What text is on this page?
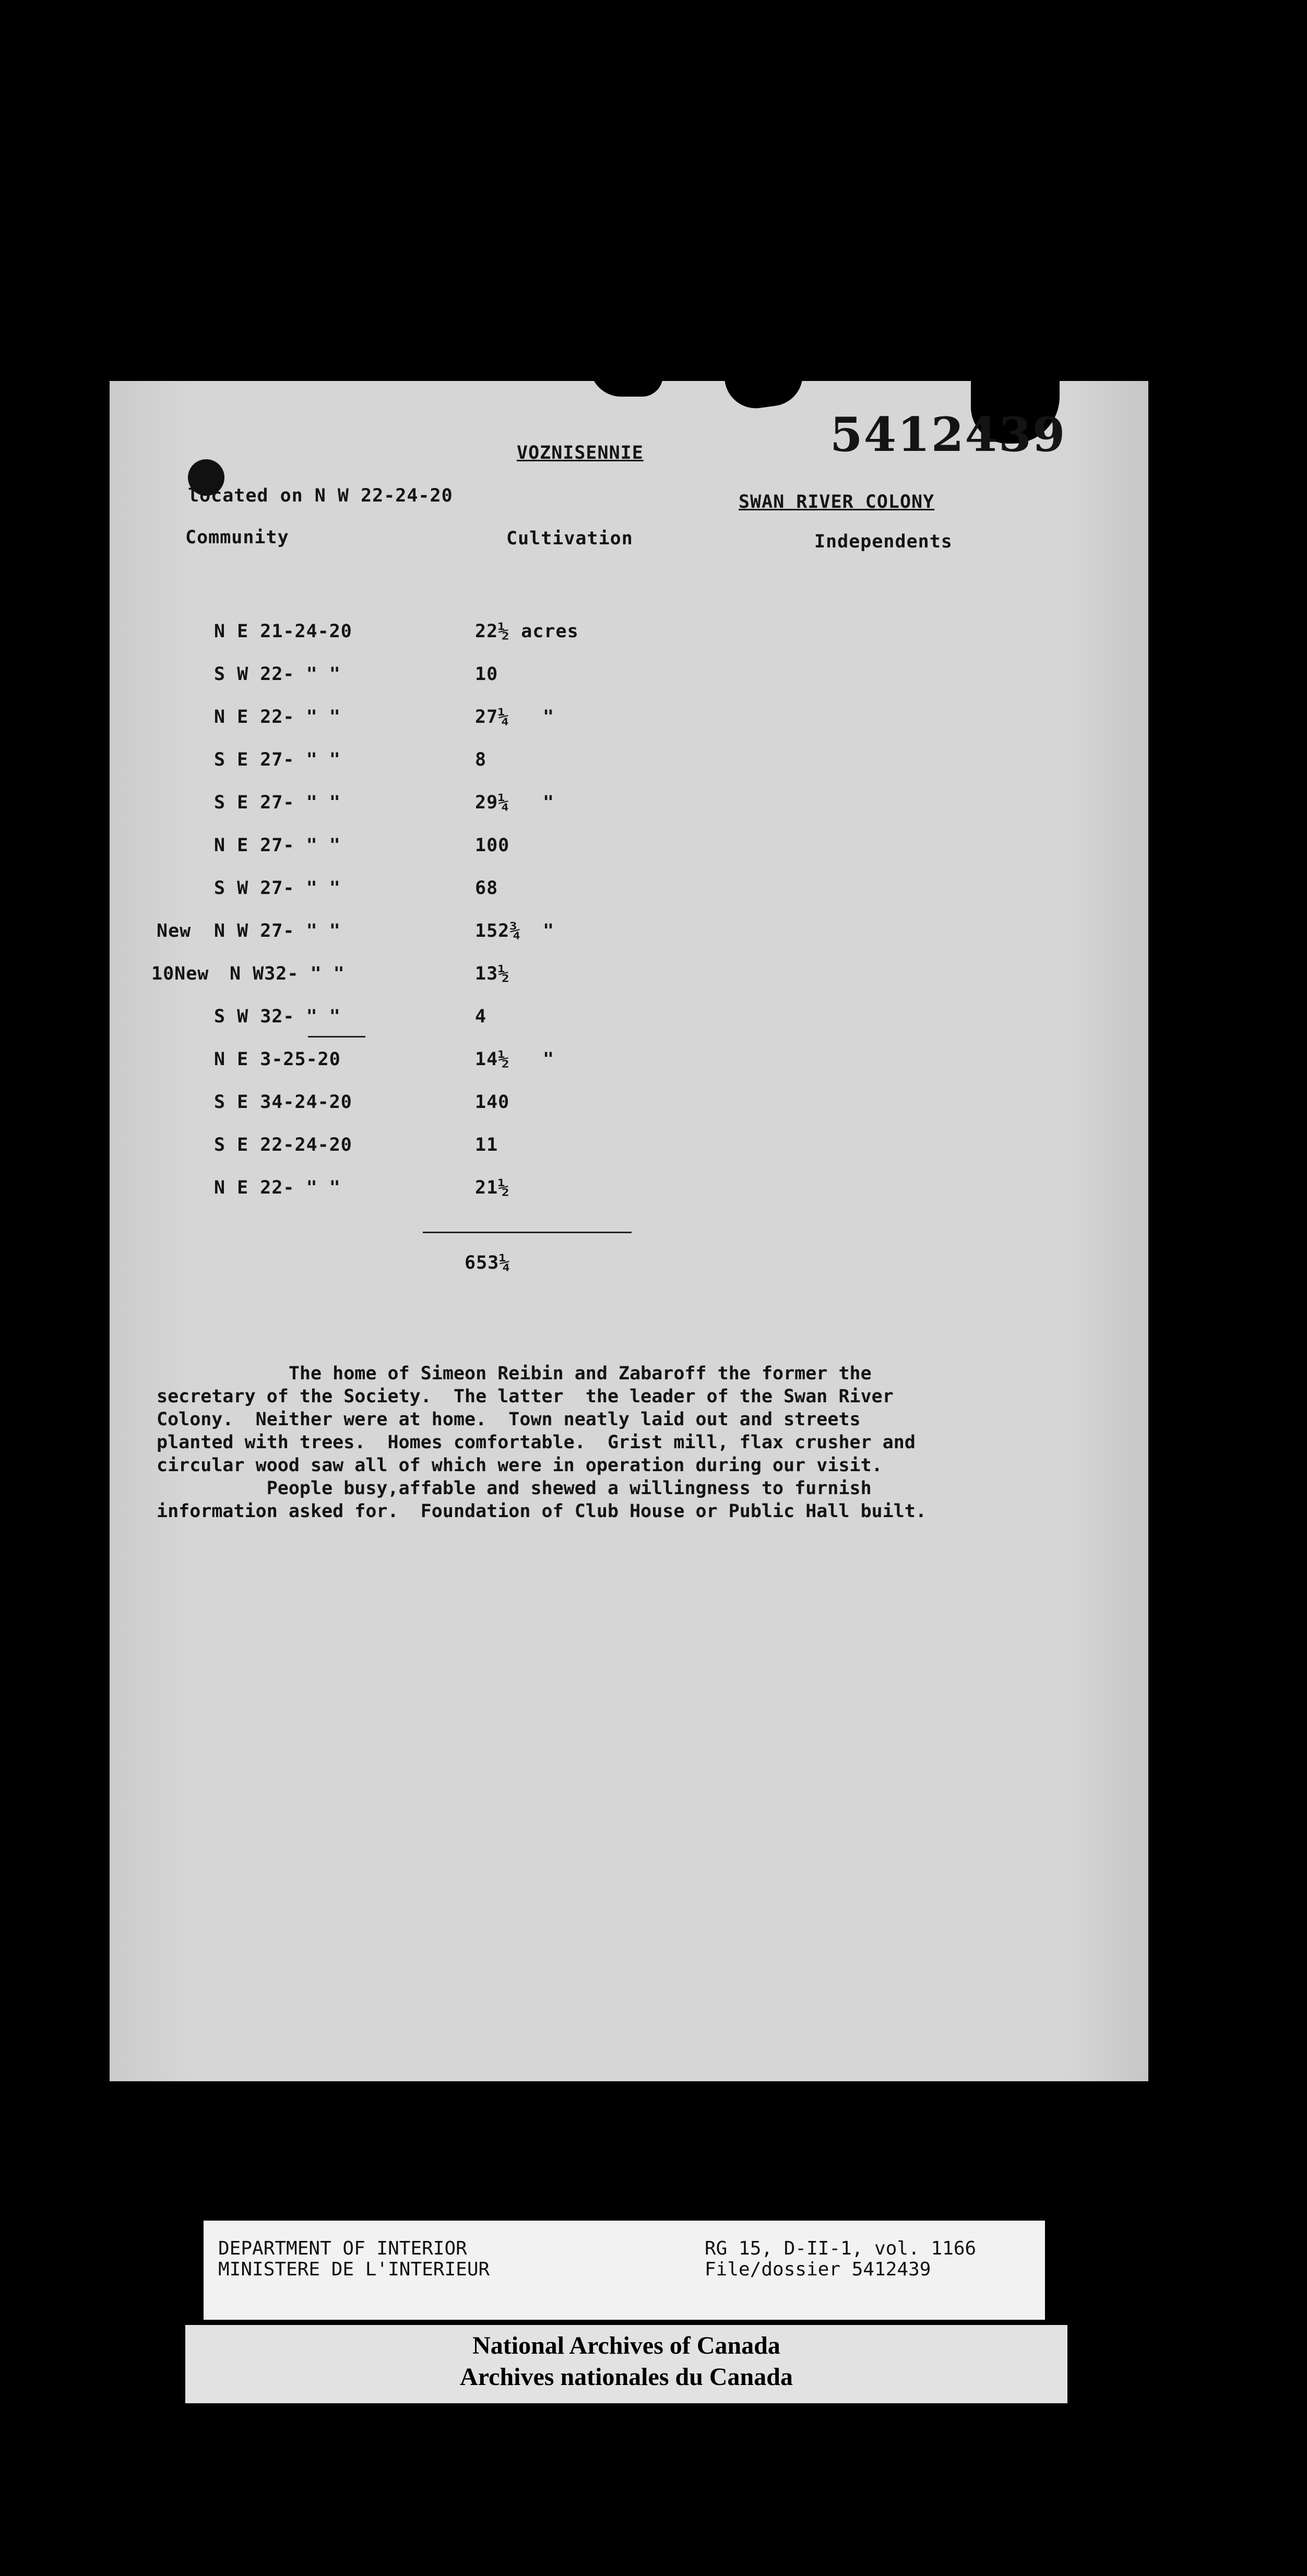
5412439
VOZNISENNIE
located on N W 22-24-20	SWAN RIVER COLONY
Community	Cultivation	Independents
N E 21-24-20	22½ acres
S W 22- " "	10
N E 22- " "	27¼ "
S E 27- " "	8
S E 27- " "	29¼ "
N E 27- " "	100
S W 27- " "	68
New N W 27- " "	152¾ "
10New N W32- " "	13½
S W 32- " "	4
N E 3-25-20	14½ "
S E 34-24-20	140
S E 22-24-20	11
N E 22- " "	21½
653¼
The home of Simeon Reibin and Zabaroff the former the
secretary of the Society.  The latter  the leader of the Swan River
Colony.  Neither were at home.  Town neatly laid out and streets
planted with trees.  Homes comfortable.  Grist mill, flax crusher and
circular wood saw all of which were in operation during our visit.
People busy,affable and shewed a willingness to furnish
information asked for.  Foundation of Club House or Public Hall built.
DEPARTMENT OF INTERIOR
MINISTERE DE L'INTERIEUR
RG 15, D-II-1, vol. 1166
File/dossier 5412439
National Archives of Canada
Archives nationales du Canada
